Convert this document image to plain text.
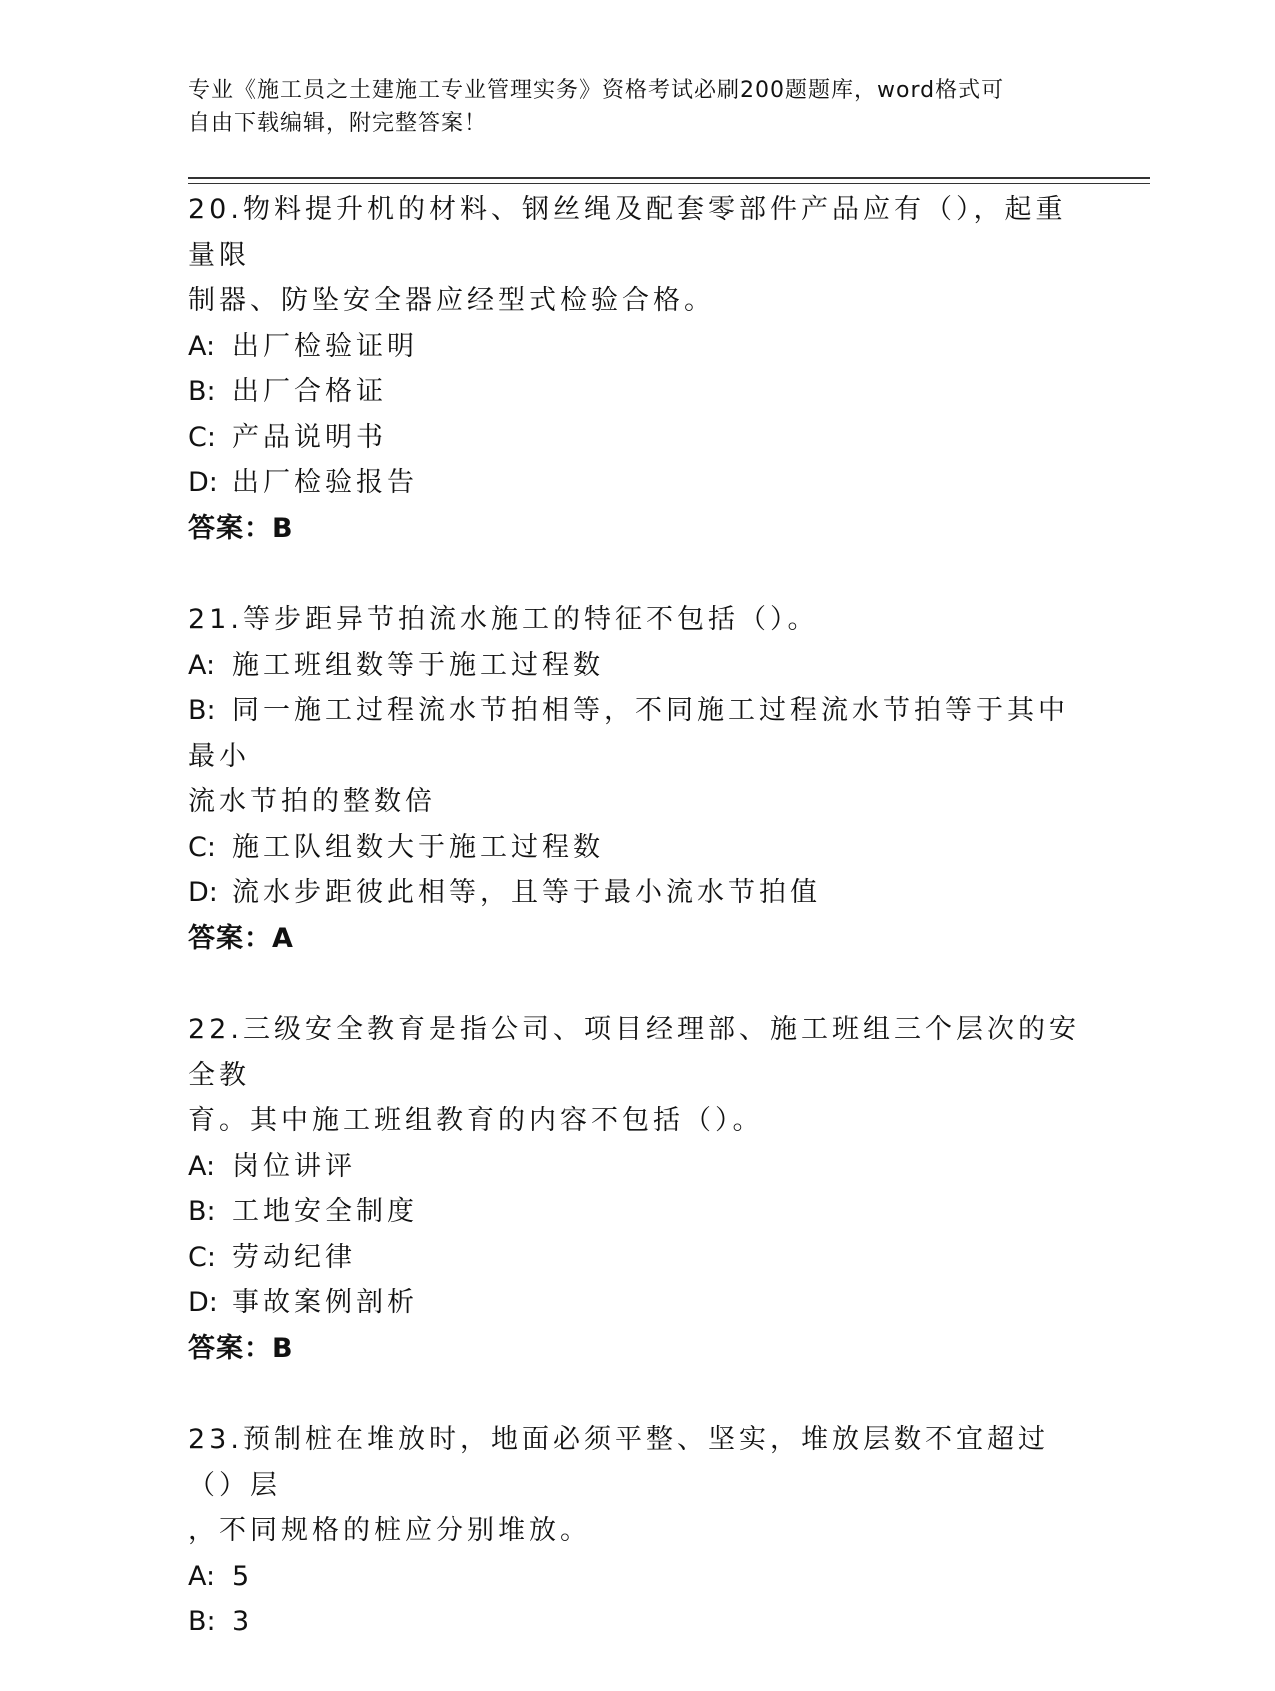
专业《施工员之土建施工专业管理实务》资格考试必刷200题题库，word格式可
自由下载编辑，附完整答案！
20.物料提升机的材料、钢丝绳及配套零部件产品应有（），起重量限
制器、防坠安全器应经型式检验合格。
A: 出厂检验证明
B: 出厂合格证
C: 产品说明书
D: 出厂检验报告
答案：B
21.等步距异节拍流水施工的特征不包括（）。
A: 施工班组数等于施工过程数
B: 同一施工过程流水节拍相等，不同施工过程流水节拍等于其中最小
流水节拍的整数倍
C: 施工队组数大于施工过程数
D: 流水步距彼此相等，且等于最小流水节拍值
答案：A
22.三级安全教育是指公司、项目经理部、施工班组三个层次的安全教
育。其中施工班组教育的内容不包括（）。
A: 岗位讲评
B: 工地安全制度
C: 劳动纪律
D: 事故案例剖析
答案：B
23.预制桩在堆放时，地面必须平整、坚实，堆放层数不宜超过（）层
，不同规格的桩应分别堆放。
A: 5
B: 3
